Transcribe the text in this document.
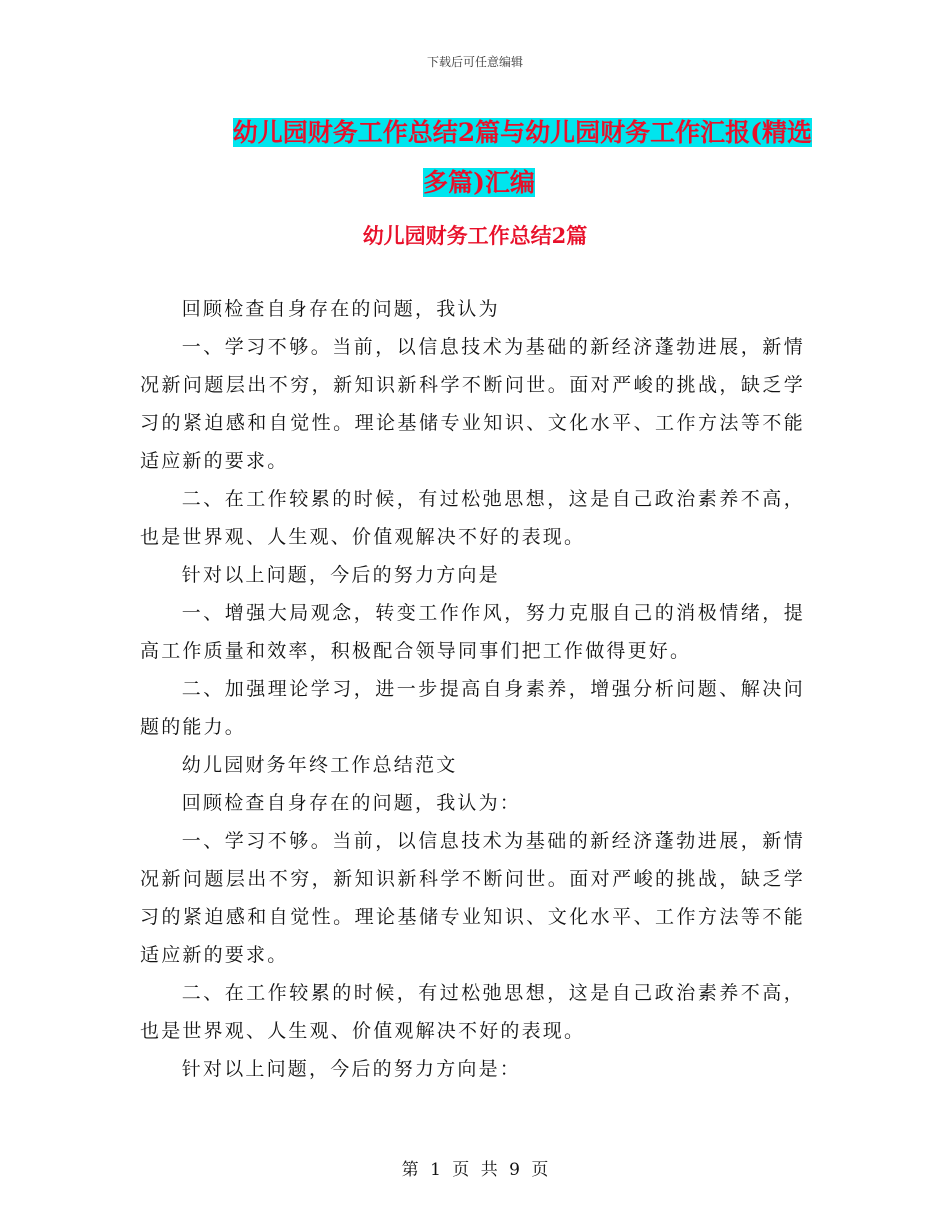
下载后可任意编辑
幼儿园财务工作总结2篇与幼儿园财务工作汇报(精选
多篇)汇编
幼儿园财务工作总结2篇

回顾检查自身存在的问题，我认为

一、学习不够。当前，以信息技术为基础的新经济蓬勃进展，新情况新问题层出不穷，新知识新科学不断问世。面对严峻的挑战，缺乏学习的紧迫感和自觉性。理论基储专业知识、文化水平、工作方法等不能适应新的要求。

二、在工作较累的时候，有过松弛思想，这是自己政治素养不高，也是世界观、人生观、价值观解决不好的表现。

针对以上问题，今后的努力方向是

一、增强大局观念，转变工作作风，努力克服自己的消极情绪，提高工作质量和效率，积极配合领导同事们把工作做得更好。

二、加强理论学习，进一步提高自身素养，增强分析问题、解决问题的能力。

幼儿园财务年终工作总结范文

回顾检查自身存在的问题，我认为：

一、学习不够。当前，以信息技术为基础的新经济蓬勃进展，新情况新问题层出不穷，新知识新科学不断问世。面对严峻的挑战，缺乏学习的紧迫感和自觉性。理论基储专业知识、文化水平、工作方法等不能适应新的要求。

二、在工作较累的时候，有过松弛思想，这是自己政治素养不高，也是世界观、人生观、价值观解决不好的表现。

针对以上问题，今后的努力方向是：

第 1 页 共 9 页
